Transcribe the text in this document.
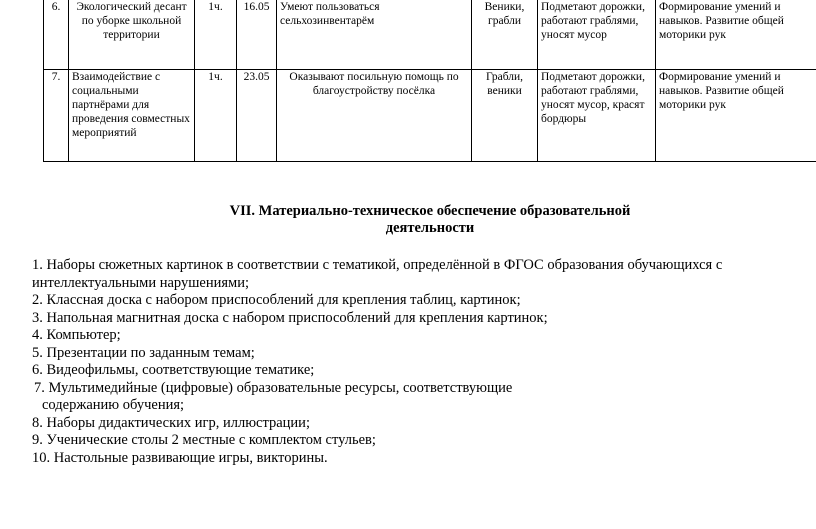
6.	Экологический десант по уборке школьной территории	1ч.	16.05	Умеют пользоваться сельхозинвентарём	Веники, грабли	Подметают дорожки, работают граблями, уносят мусор	Формирование умений и навыков. Развитие общей моторики рук
7.	Взаимодействие с социальными партнёрами для проведения совместных мероприятий	1ч.	23.05	Оказывают посильную помощь по благоустройству посёлка	Грабли, веники	Подметают дорожки, работают граблями, уносят мусор, красят бордюры	Формирование умений и навыков. Развитие общей моторики рук
VII. Материально-техническое обеспечение образовательной
деятельности
1. Наборы сюжетных картинок в соответствии с тематикой, определённой в ФГОС образования обучающихся с
интеллектуальными нарушениями;
2. Классная доска с набором приспособлений для крепления таблиц, картинок;
3. Напольная магнитная доска с набором приспособлений для крепления картинок;
4. Компьютер;
5. Презентации по заданным темам;
6. Видеофильмы, соответствующие тематике;
7. Мультимедийные (цифровые) образовательные ресурсы, соответствующие
содержанию обучения;
8. Наборы дидактических игр, иллюстрации;
9. Ученические столы 2 местные с комплектом стульев;
10. Настольные развивающие игры, викторины.
